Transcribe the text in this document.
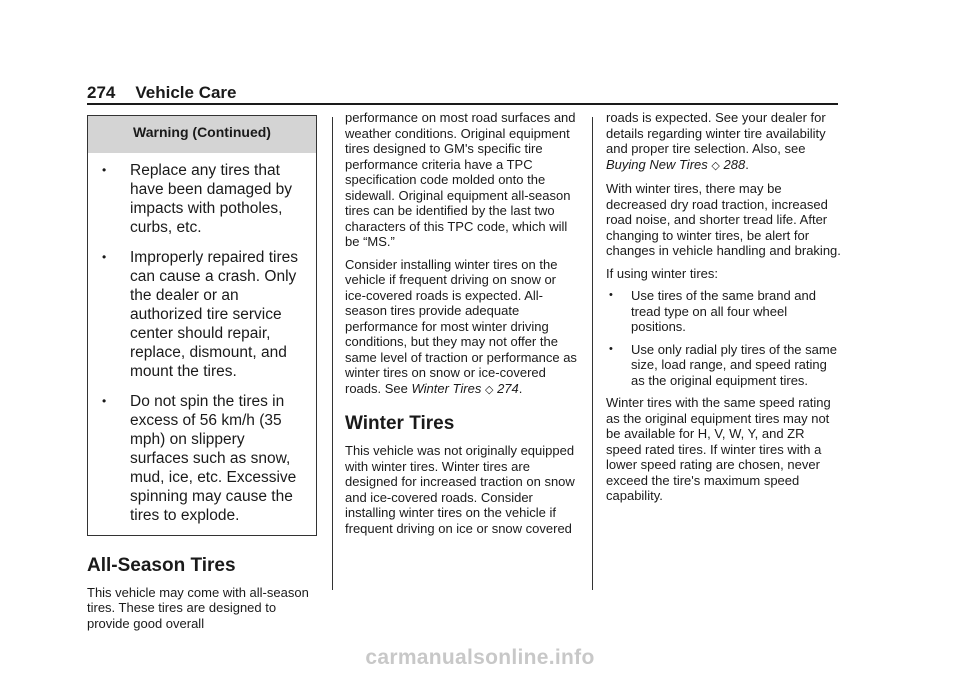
274 Vehicle Care
Warning (Continued)
•	Replace any tires that have been damaged by impacts with potholes, curbs, etc.
•	Improperly repaired tires can cause a crash. Only the dealer or an authorized tire service center should repair, replace, dismount, and mount the tires.
•	Do not spin the tires in excess of 56 km/h (35 mph) on slippery surfaces such as snow, mud, ice, etc. Excessive spinning may cause the tires to explode.
All-Season Tires

This vehicle may come with all-season tires. These tires are designed to provide good overall

performance on most road surfaces and weather conditions. Original equipment tires designed to GM's specific tire performance criteria have a TPC specification code molded onto the sidewall. Original equipment all-season tires can be identified by the last two characters of this TPC code, which will be “MS.”

Consider installing winter tires on the vehicle if frequent driving on snow or ice-covered roads is expected. All-season tires provide adequate performance for most winter driving conditions, but they may not offer the same level of traction or performance as winter tires on snow or ice-covered roads. See Winter Tires ◇ 274.

Winter Tires

This vehicle was not originally equipped with winter tires. Winter tires are designed for increased traction on snow and ice-covered roads. Consider installing winter tires on the vehicle if frequent driving on ice or snow covered

roads is expected. See your dealer for details regarding winter tire availability and proper tire selection. Also, see Buying New Tires ◇ 288.

With winter tires, there may be decreased dry road traction, increased road noise, and shorter tread life. After changing to winter tires, be alert for changes in vehicle handling and braking.

If using winter tires:

•	Use tires of the same brand and tread type on all four wheel positions.
•	Use only radial ply tires of the same size, load range, and speed rating as the original equipment tires.

Winter tires with the same speed rating as the original equipment tires may not be available for H, V, W, Y, and ZR speed rated tires. If winter tires with a lower speed rating are chosen, never exceed the tire's maximum speed capability.

carmanualsonline.info
